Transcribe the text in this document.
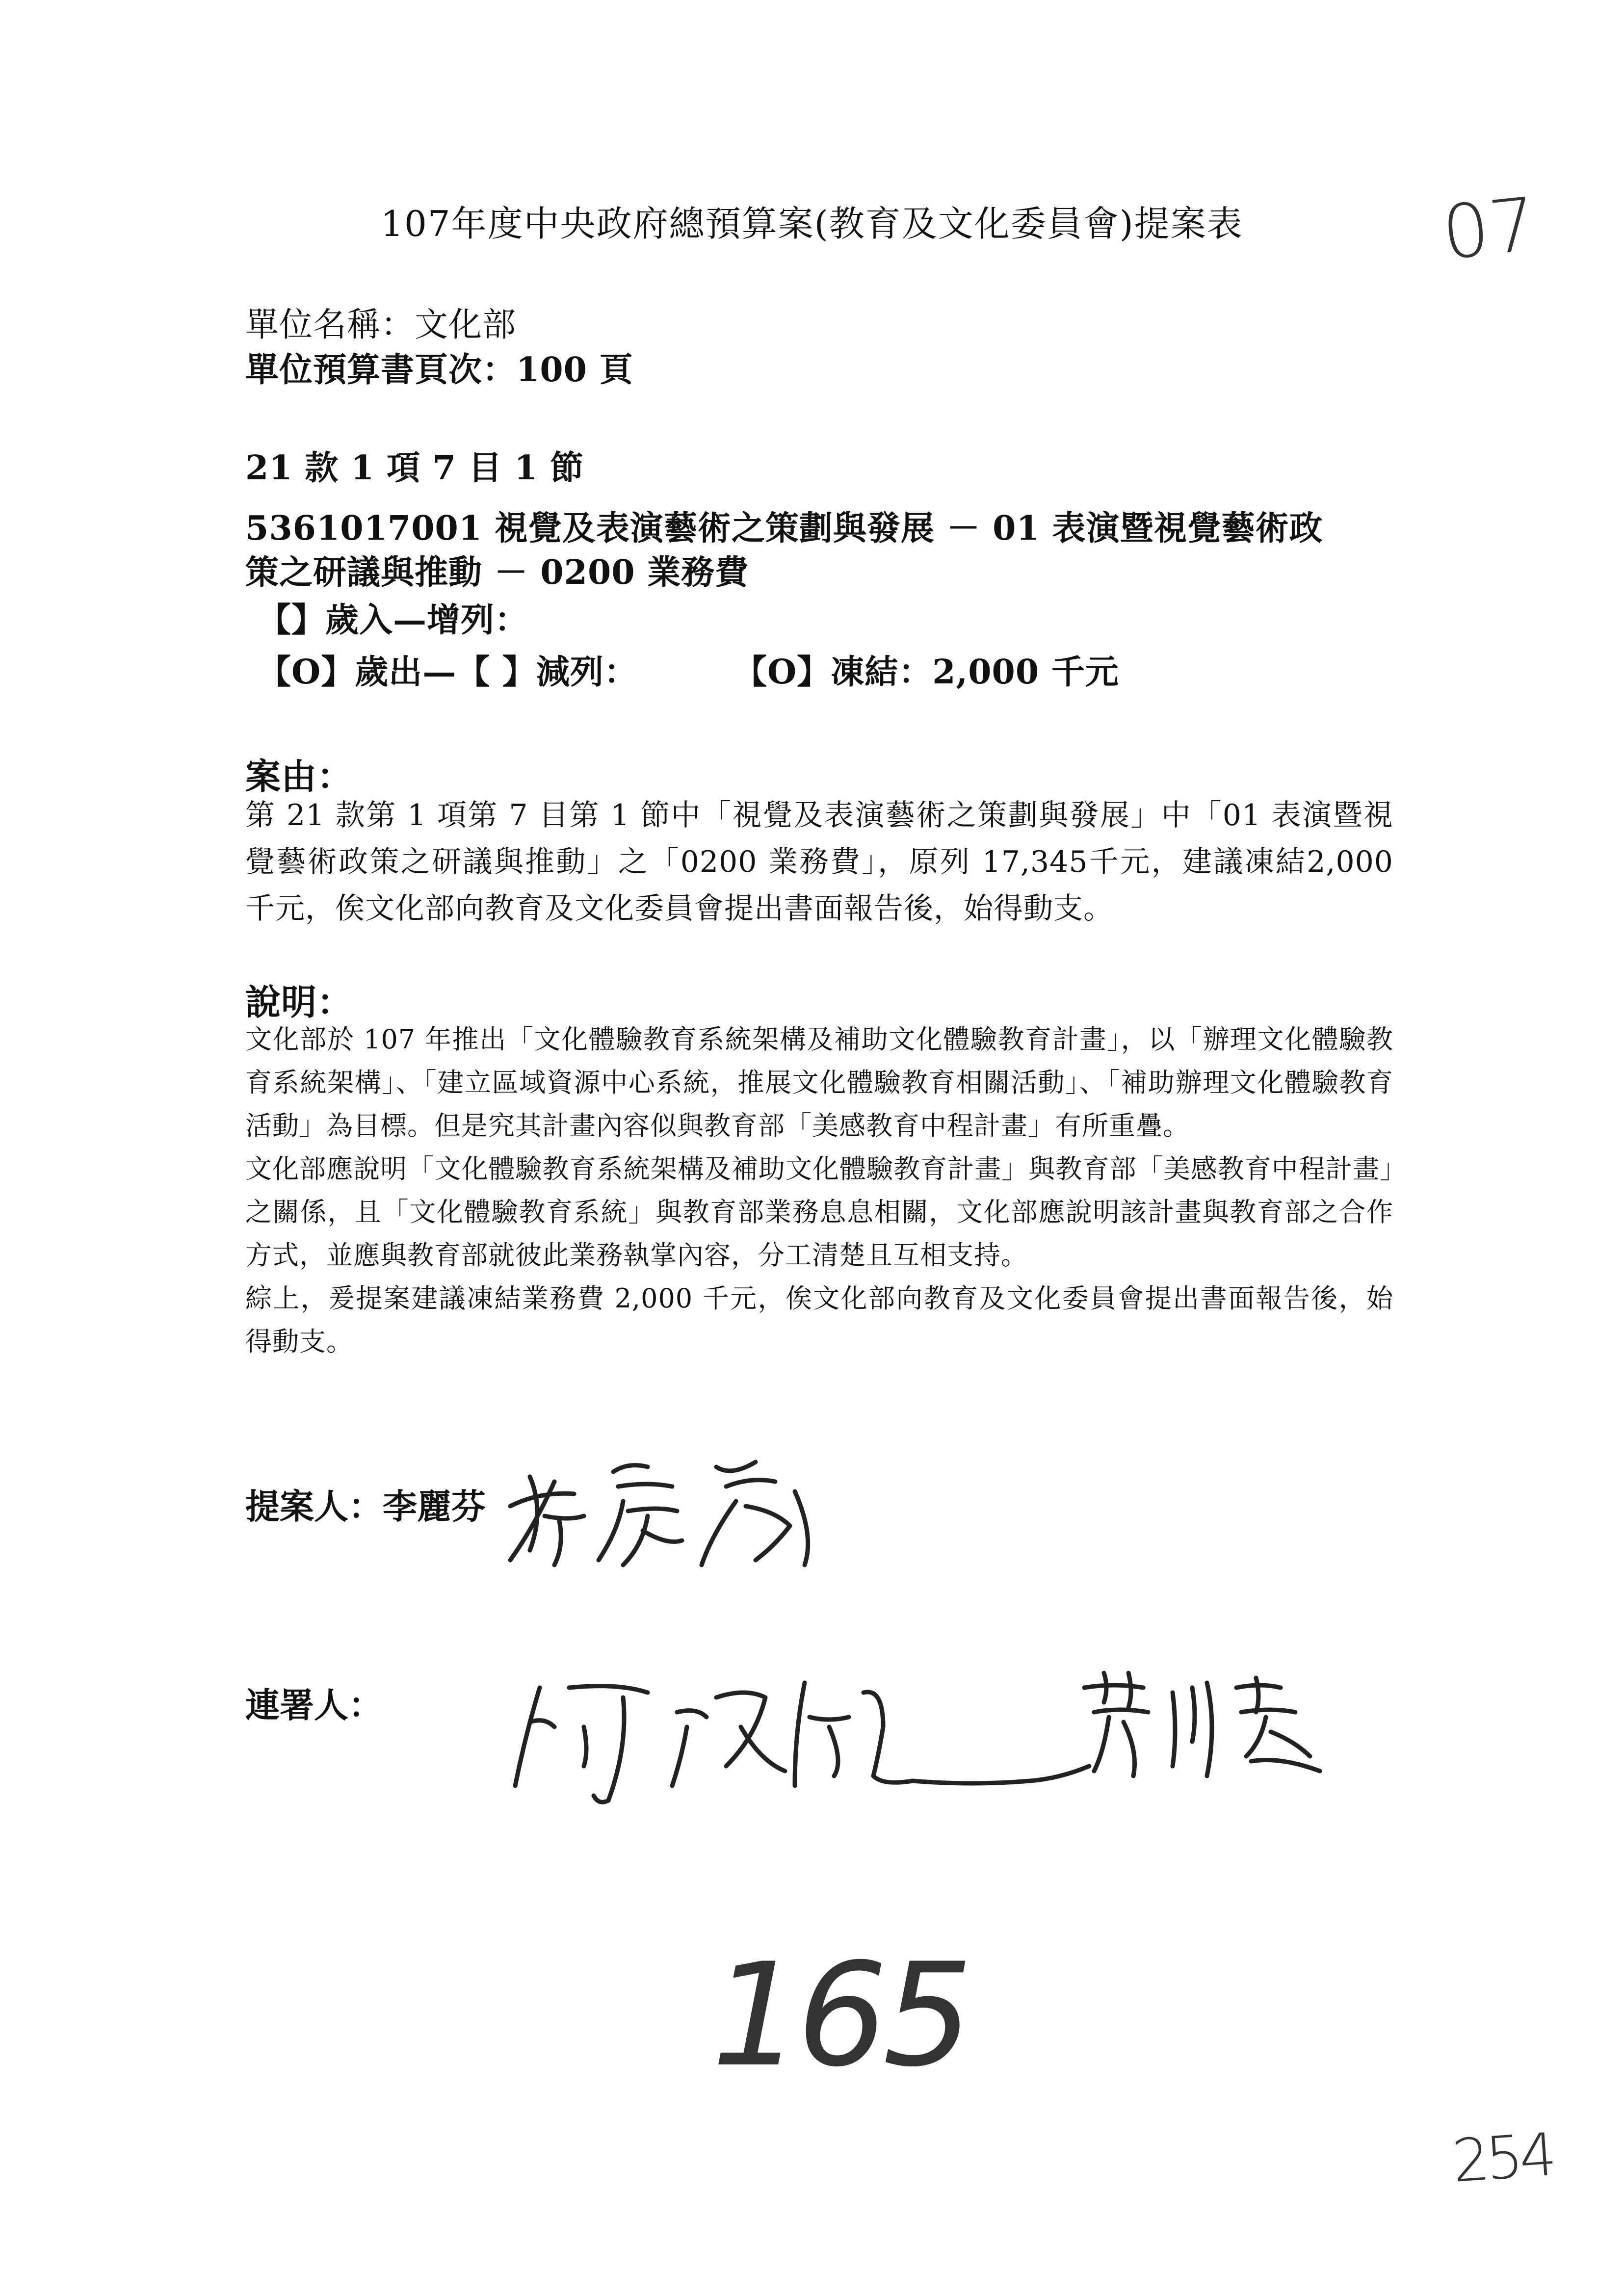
107年度中央政府總預算案(教育及文化委員會)提案表	07
單位名稱：文化部
單位預算書頁次：100 頁
21 款 1 項 7 目 1 節
5361017001 視覺及表演藝術之策劃與發展 － 01 表演暨視覺藝術政
策之研議與推動 － 0200 業務費
【】歲入—增列：
【O】歲出—【 】減列：	【O】凍結：2,000 千元
案由：

第 21 款第 1 項第 7 目第 1 節中「視覺及表演藝術之策劃與發展」中「01 表演暨視覺藝術政策之研議與推動」之「0200 業務費」，原列 17,345千元，建議凍結2,000 千元，俟文化部向教育及文化委員會提出書面報告後，始得動支。

說明：

文化部於 107 年推出「文化體驗教育系統架構及補助文化體驗教育計畫」，以「辦理文化體驗教育系統架構」、「建立區域資源中心系統，推展文化體驗教育相關活動」、「補助辦理文化體驗教育活動」為目標。但是究其計畫內容似與教育部「美感教育中程計畫」有所重疊。

文化部應說明「文化體驗教育系統架構及補助文化體驗教育計畫」與教育部「美感教育中程計畫」之關係，且「文化體驗教育系統」與教育部業務息息相關，文化部應說明該計畫與教育部之合作方式，並應與教育部就彼此業務執掌內容，分工清楚且互相支持。

綜上，爰提案建議凍結業務費 2,000 千元，俟文化部向教育及文化委員會提出書面報告後，始得動支。

提案人：李麗芬
連署人：
165
254
